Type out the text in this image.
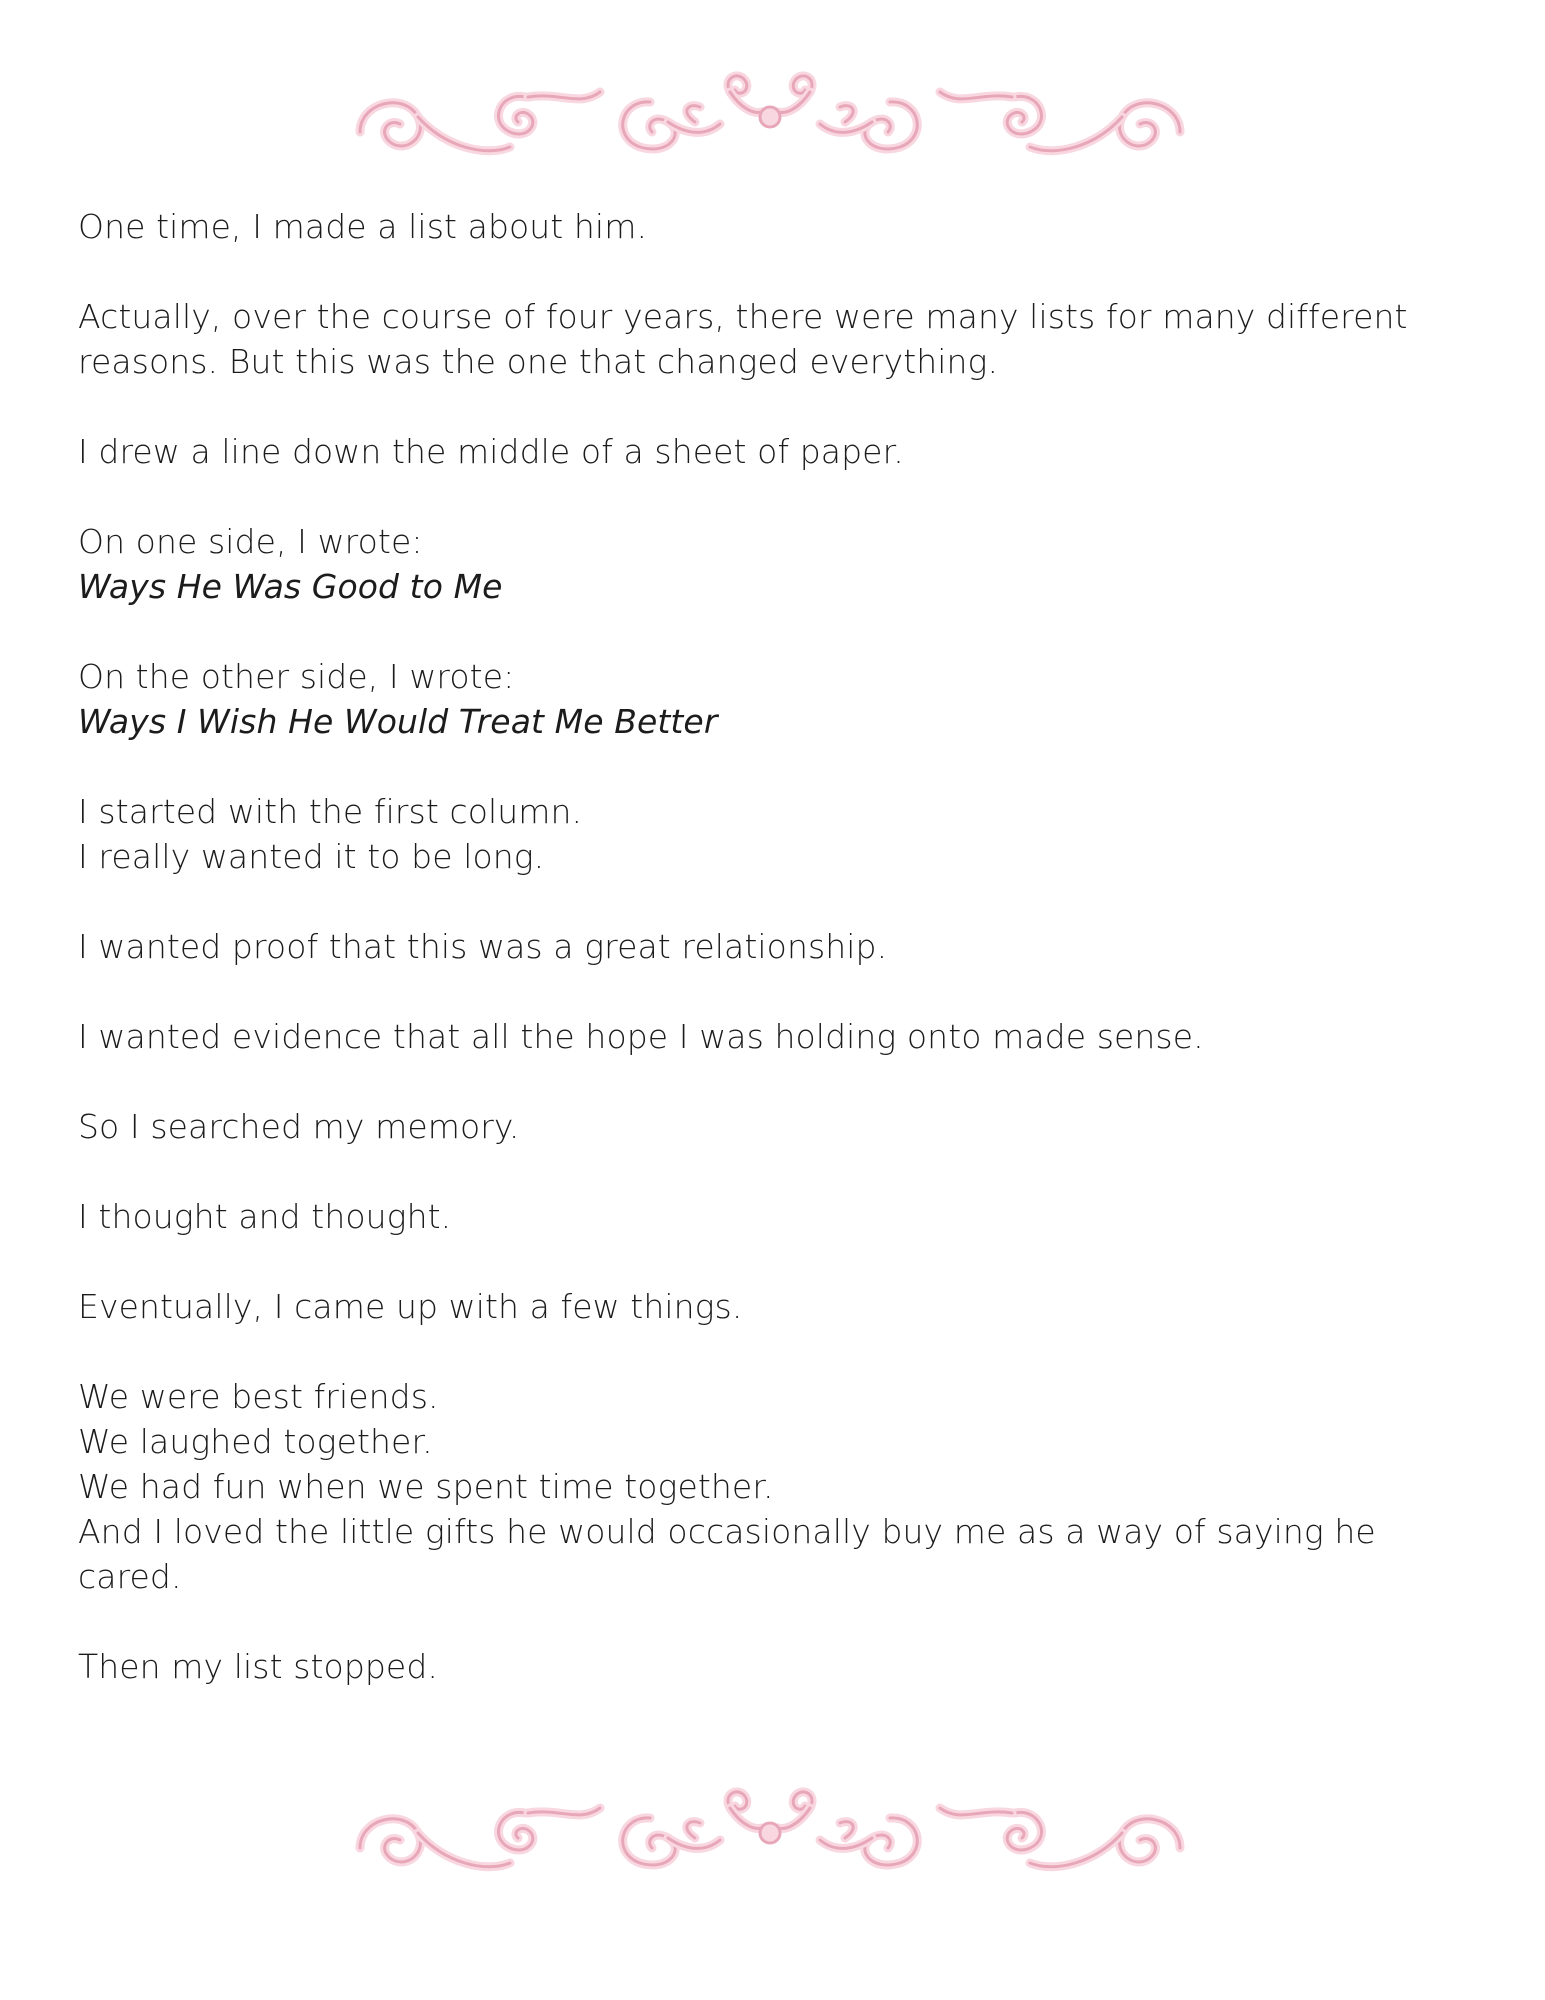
One time, I made a list about him.
Actually, over the course of four years, there were many lists for many different reasons. But this was the one that changed everything.
I drew a line down the middle of a sheet of paper.
On one side, I wrote:
Ways He Was Good to Me
On the other side, I wrote:
Ways I Wish He Would Treat Me Better
I started with the first column.
I really wanted it to be long.
I wanted proof that this was a great relationship.
I wanted evidence that all the hope I was holding onto made sense.
So I searched my memory.
I thought and thought.
Eventually, I came up with a few things.
We were best friends.
We laughed together.
We had fun when we spent time together.
And I loved the little gifts he would occasionally buy me as a way of saying he cared.
Then my list stopped.
